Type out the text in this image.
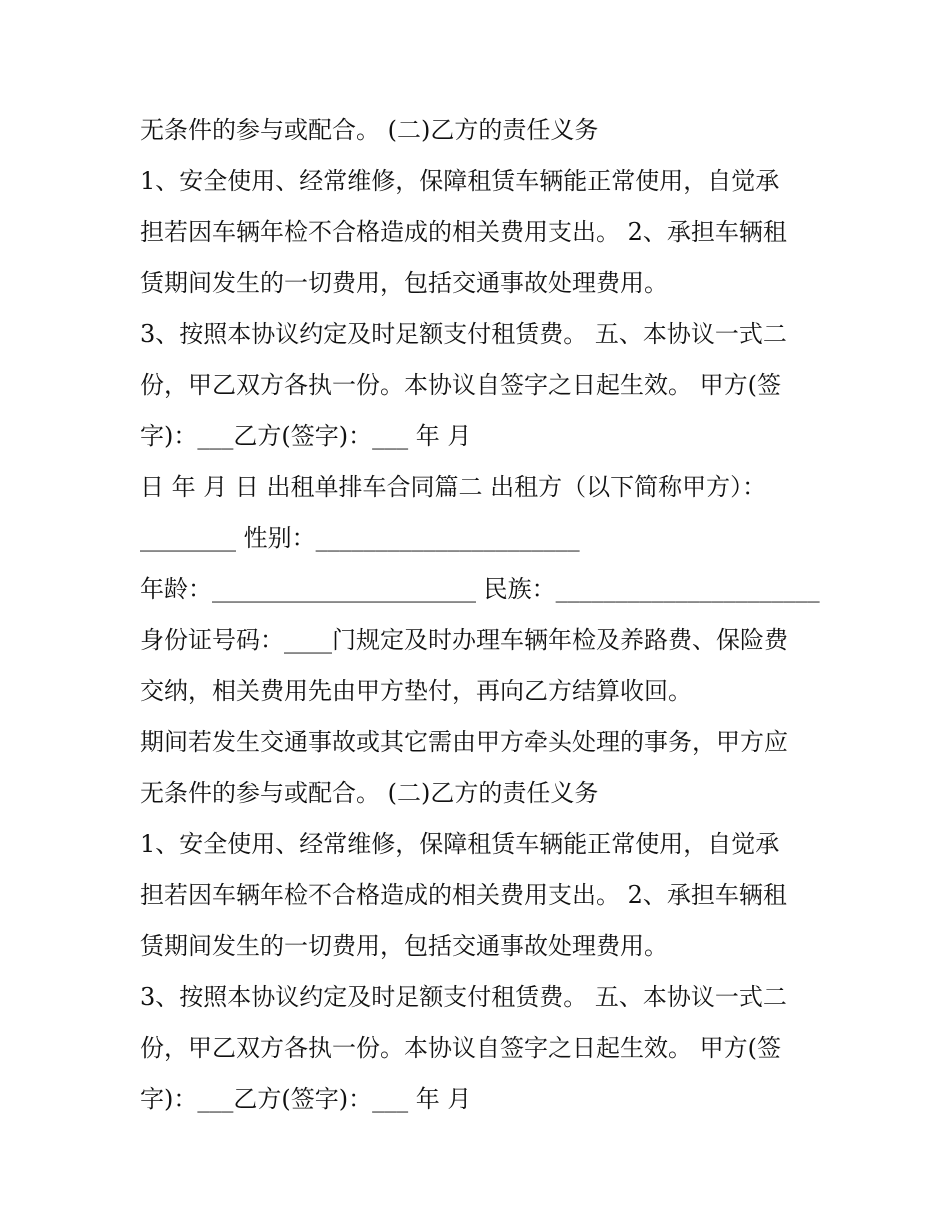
无条件的参与或配合。 (二)乙方的责任义务
1、安全使用、经常维修，保障租赁车辆能正常使用，自觉承
担若因车辆年检不合格造成的相关费用支出。 2、承担车辆租
赁期间发生的一切费用，包括交通事故处理费用。
3、按照本协议约定及时足额支付租赁费。 五、本协议一式二
份，甲乙双方各执一份。本协议自签字之日起生效。 甲方(签
字)：___乙方(签字)：___ 年 月
日 年 月 日 出租单排车合同篇二 出租方（以下简称甲方）：
________ 性别：______________________
年龄：______________________ 民族：______________________
身份证号码：____门规定及时办理车辆年检及养路费、保险费
交纳，相关费用先由甲方垫付，再向乙方结算收回。
期间若发生交通事故或其它需由甲方牵头处理的事务，甲方应
无条件的参与或配合。 (二)乙方的责任义务
1、安全使用、经常维修，保障租赁车辆能正常使用，自觉承
担若因车辆年检不合格造成的相关费用支出。 2、承担车辆租
赁期间发生的一切费用，包括交通事故处理费用。
3、按照本协议约定及时足额支付租赁费。 五、本协议一式二
份，甲乙双方各执一份。本协议自签字之日起生效。 甲方(签
字)：___乙方(签字)：___ 年 月
